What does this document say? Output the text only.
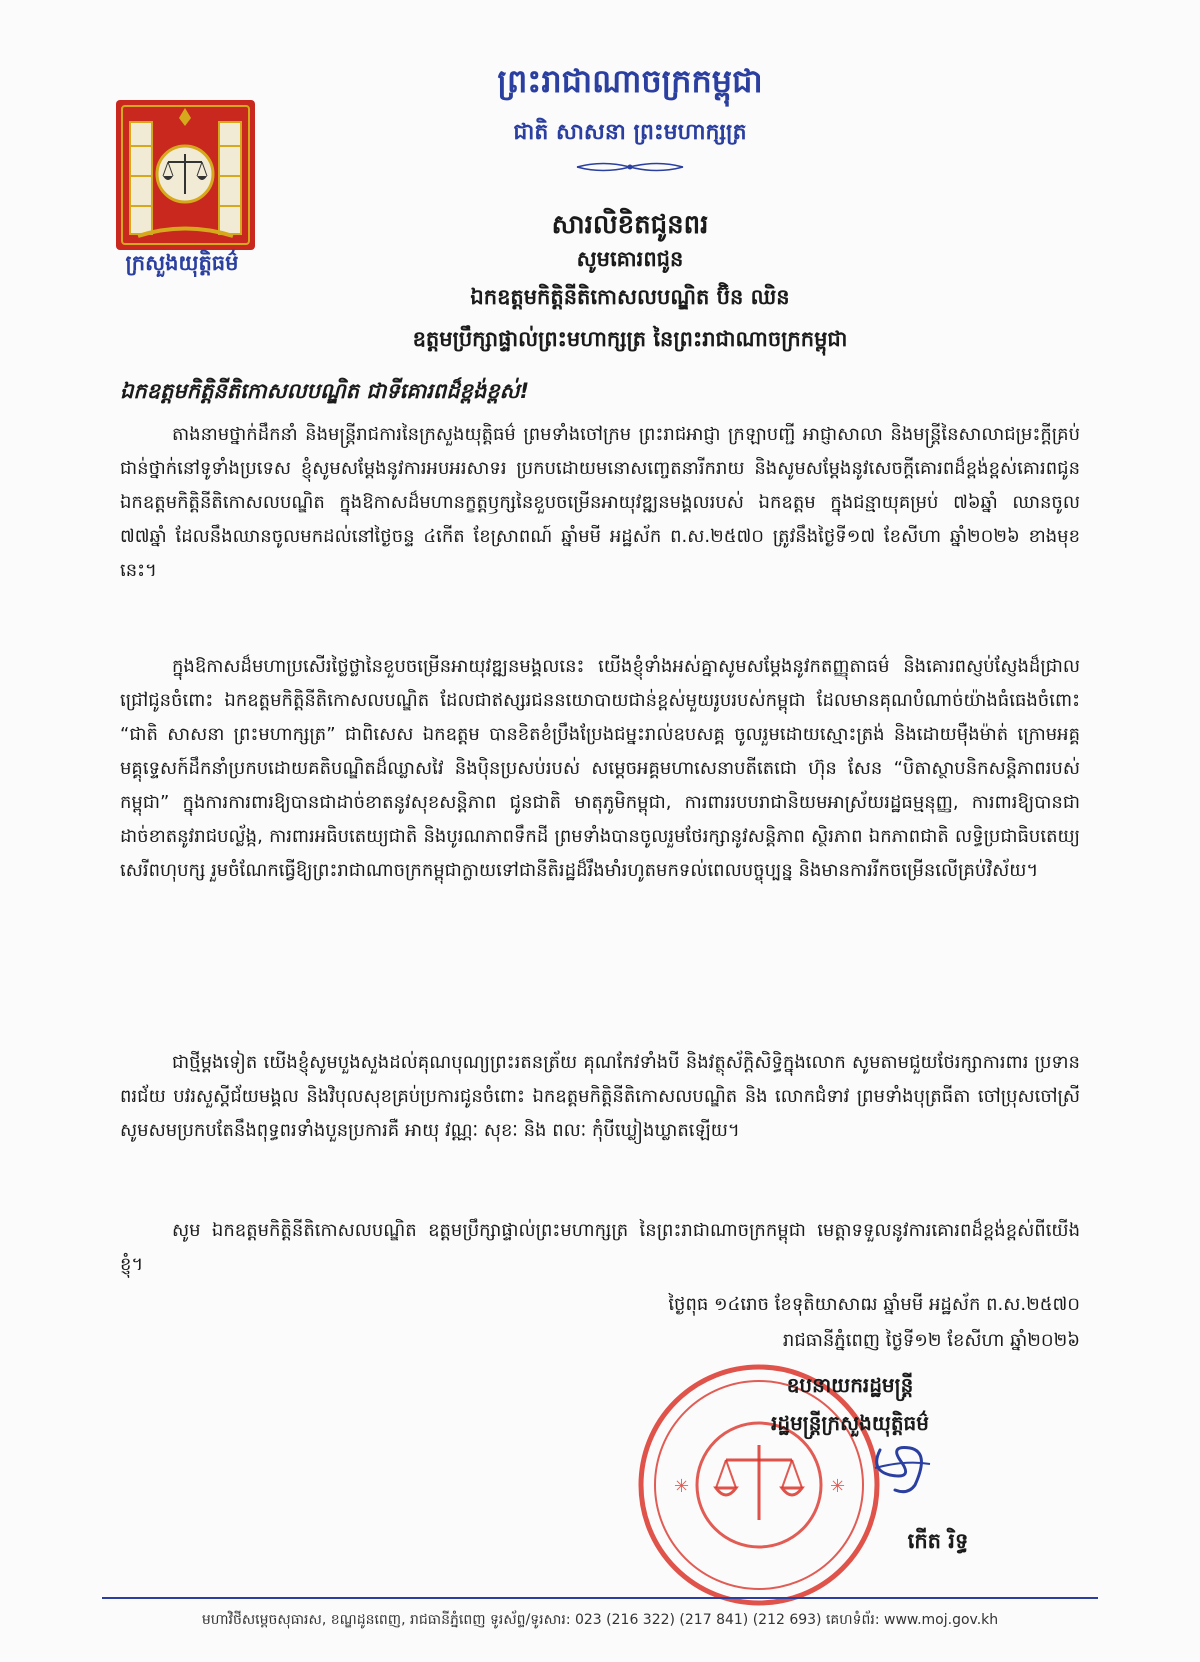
ព្រះរាជាណាចក្រកម្ពុជា
ជាតិ សាសនា ព្រះមហាក្សត្រ
ក្រសួងយុត្តិធម៌
សារលិខិតជូនពរ
សូមគោរពជូន
ឯកឧត្តមកិត្តិនីតិកោសលបណ្ឌិត ប៊ិន ឈិន
ឧត្តមប្រឹក្សាផ្ទាល់ព្រះមហាក្សត្រ នៃព្រះរាជាណាចក្រកម្ពុជា
ឯកឧត្តមកិត្តិនីតិកោសលបណ្ឌិត ជាទីគោរពដ៏ខ្ពង់ខ្ពស់!
តាងនាមថ្នាក់ដឹកនាំ និងមន្ត្រីរាជការនៃក្រសួងយុត្តិធម៌ ព្រមទាំងចៅក្រម ព្រះរាជអាជ្ញា ក្រឡាបញ្ជី អាជ្ញាសាលា និងមន្ត្រីនៃសាលាជម្រះក្តីគ្រប់ជាន់ថ្នាក់នៅទូទាំងប្រទេស ខ្ញុំសូមសម្តែងនូវការអបអរសាទរ ប្រកបដោយមនោសញ្ចេតនារីករាយ និងសូមសម្តែងនូវសេចក្តីគោរពដ៏ខ្ពង់ខ្ពស់គោរពជូន ឯកឧត្តមកិត្តិនីតិកោសលបណ្ឌិត ក្នុងឱកាសដ៏មហានក្ខត្តឫក្សនៃខួបចម្រើនអាយុវឌ្ឍនមង្គលរបស់ ឯកឧត្តម ក្នុងជន្មាយុគម្រប់ ៧៦ឆ្នាំ ឈានចូល ៧៧ឆ្នាំ ដែលនឹងឈានចូលមកដល់នៅថ្ងៃចន្ទ ៤កើត ខែស្រាពណ៍ ឆ្នាំមមី អដ្ឋស័ក ព.ស.២៥៧០ ត្រូវនឹងថ្ងៃទី១៧ ខែសីហា ឆ្នាំ២០២៦ ខាងមុខនេះ។
ក្នុងឱកាសដ៏មហាប្រសើរថ្លៃថ្លានៃខួបចម្រើនអាយុវឌ្ឍនមង្គលនេះ យើងខ្ញុំទាំងអស់គ្នាសូមសម្តែងនូវកតញ្ញុតាធម៌ និងគោរពស្ញប់ស្ញែងដ៏ជ្រាលជ្រៅជូនចំពោះ ឯកឧត្តមកិត្តិនីតិកោសលបណ្ឌិត ដែលជាឥស្សរជននយោបាយជាន់ខ្ពស់មួយរូបរបស់កម្ពុជា ដែលមានគុណបំណាច់យ៉ាងធំធេងចំពោះ “ជាតិ សាសនា ព្រះមហាក្សត្រ” ជាពិសេស ឯកឧត្តម បានខិតខំប្រឹងប្រែងជម្នះរាល់ឧបសគ្គ ចូលរួមដោយស្មោះត្រង់ និងដោយម៉ឺងម៉ាត់ ក្រោមអគ្គមគ្គុទ្ទេសក៍ដឹកនាំប្រកបដោយគតិបណ្ឌិតដ៏ឈ្លាសវៃ និងប៉ិនប្រសប់របស់ សម្តេចអគ្គមហាសេនាបតីតេជោ ហ៊ុន សែន “បិតាស្ថាបនិកសន្តិភាពរបស់កម្ពុជា” ក្នុងការការពារឱ្យបានជាដាច់ខាតនូវសុខសន្តិភាព ជូនជាតិ មាតុភូមិកម្ពុជា, ការពាររបបរាជានិយមអាស្រ័យរដ្ឋធម្មនុញ្ញ, ការពារឱ្យបានជាដាច់ខាតនូវរាជបល្ល័ង្ក, ការពារអធិបតេយ្យជាតិ និងបូរណភាពទឹកដី ព្រមទាំងបានចូលរួមថែរក្សានូវសន្តិភាព ស្ថិរភាព ឯកភាពជាតិ លទ្ធិប្រជាធិបតេយ្យសេរីពហុបក្ស រួមចំណែកធ្វើឱ្យព្រះរាជាណាចក្រកម្ពុជាក្លាយទៅជានីតិរដ្ឋដ៏រឹងមាំរហូតមកទល់ពេលបច្ចុប្បន្ន និងមានការរីកចម្រើនលើគ្រប់វិស័យ។
ជាថ្មីម្តងទៀត យើងខ្ញុំសូមបួងសួងដល់គុណបុណ្យព្រះរតនត្រ័យ គុណកែវទាំងបី និងវត្ថុស័ក្តិសិទ្ធិក្នុងលោក សូមតាមជួយថែរក្សាការពារ ប្រទានពរជ័យ បវរសួស្តីជ័យមង្គល និងវិបុលសុខគ្រប់ប្រការជូនចំពោះ ឯកឧត្តមកិត្តិនីតិកោសលបណ្ឌិត និង លោកជំទាវ ព្រមទាំងបុត្រធីតា ចៅប្រុសចៅស្រី សូមសមប្រកបតែនឹងពុទ្ធពរទាំងបួនប្រការគឺ អាយុ វណ្ណៈ សុខៈ និង ពលៈ កុំបីឃ្លៀងឃ្លាតឡើយ។
សូម ឯកឧត្តមកិត្តិនីតិកោសលបណ្ឌិត ឧត្តមប្រឹក្សាផ្ទាល់ព្រះមហាក្សត្រ នៃព្រះរាជាណាចក្រកម្ពុជា មេត្តាទទួលនូវការគោរពដ៏ខ្ពង់ខ្ពស់ពីយើងខ្ញុំ។
ថ្ងៃពុធ ១៤រោច ខែទុតិយាសាឍ ឆ្នាំមមី អដ្ឋស័ក ព.ស.២៥៧០
រាជធានីភ្នំពេញ ថ្ងៃទី១២ ខែសីហា ឆ្នាំ២០២៦
✳	✳
ឧបនាយករដ្ឋមន្ត្រី
រដ្ឋមន្ត្រីក្រសួងយុត្តិធម៌
កើត រិទ្ធ
មហាវិថីសម្តេចសុធារស, ខណ្ឌដូនពេញ, រាជធានីភ្នំពេញ ទូរស័ព្ទ/ទូរសារ: 023 (216 322) (217 841) (212 693) គេហទំព័រ: www.moj.gov.kh
